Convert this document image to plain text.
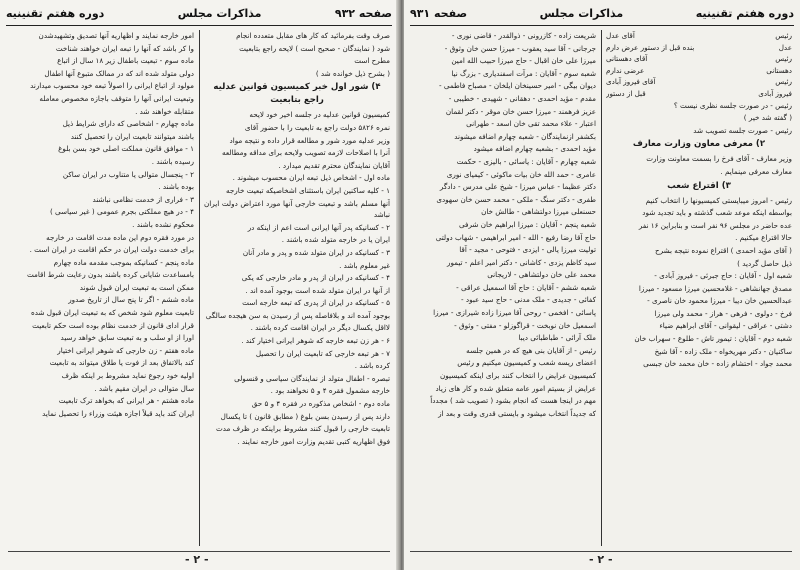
صفحه ۹۳۲
مذاکرات مجلس
دوره هفتم تقنینیه

صرف وقت بفرمائید که کار های مقابل متعدده انجام

شود ( نمایندگان - صحیح است ) لایحه راجع بتابعیت

مطرح است

( بشرح ذیل خوانده شد )

۴) شور اول خبر کمیسیون قوانین عدلیه راجع بتابعیت

کمیسیون قوانین عدلیه در جلسه اخیر خود لایحه

نمره ۵۸۲۶ دولت راجع به تابعیت را با حضور آقای

وزیر عدلیه مورد شور و مطالعه قرار داده و نتیجه مواد

آنرا با اصلاحات لازمه تصویب ولایحه برای مداقه ومطالعه

آقایان نمایندگان محترم تقدیم میدارد .

ماده اول - اشخاص ذیل تبعه ایران محسوب میشوند .

۱ - کلیه ساکنین ایران باستثنای اشخاصیکه تبعیت خارجه

آنها مسلم باشد و تبعیت خارجی آنها مورد اعتراض دولت ایران نباشد

۲ - کسانیکه پدر آنها ایرانی است اعم از اینکه در

ایران یا در خارجه متولد شده باشند .

۳ - کسانیکه در ایران متولد شده و پدر و مادر آنان

غیر معلوم باشد .

۴ - کسانیکه در ایران از پدر و مادر خارجی که یکی

از آنها در ایران متولد شده است بوجود آمده اند .

۵ - کسانیکه در ایران از پدری که تبعه خارجه است

بوجود آمده اند و بلافاصله پس از رسیدن به سن هیجده سالگی

لااقل یکسال دیگر در ایران اقامت کرده باشند .

۶ - هر زن تبعه خارجه که شوهر ایرانی اختیار کند .

۷ - هر تبعه خارجی که تابعیت ایران را تحصیل

کرده باشد .

تبصره - اطفال متولد از نمایندگان سیاسی و قنسولی

خارجه مشمول فقره ۴ و ۵ نخواهند بود .

ماده دوم - اشخاص مذکوره در فقره ۴ و ۵ حق

دارند پس از رسیدن بسن بلوغ ( مطابق قانون ) تا یکسال

تابعیت خارجی را قبول کنند مشروط براینکه در ظرف مدت

فوق اظهاریه کتبی تقدیم وزارت امور خارجه نمایند .

امور خارجه نمایند و اظهاریه آنها تصدیق وتشهیدشدن

وا کر باشد که آنها را تبعه ایران خواهند شناخت

ماده سوم - تبعیت باطفال زیر ۱۸ سال از اتباع

دولی متولد شده اند که در ممالک متبوع آنها اطفال

مولود از اتباع ایرانی را اصولاً تبعه خود محسوب میدارند

وتبعیت ایرانی آنها را متوقف باجازه مخصوص معامله

متقابله خواهند شد .

ماده چهارم - اشخاصی که دارای شرایط ذیل

باشند میتوانند تابعیت ایران را تحصیل کنند

۱ - موافق قانون مملکت اصلی خود بسن بلوغ

رسیده باشند .

۲ - پنجسال متوالی یا متناوب در ایران ساکن

بوده باشند .

۳ - فراری از خدمت نظامی نباشند

۴ - در هیچ مملکتی بجرم عمومی ( غیر سیاسی )

محکوم نشده باشند .

در مورد فقره دوم این ماده مدت اقامت در خارجه

برای خدمت دولت ایران در حکم اقامت در ایران است .

ماده پنجم - کسانیکه بموجب مقدمه ماده چهارم

بامساعدت شایانی کرده باشند بدون رعایت شرط اقامت

ممکن است به تبعیت ایران قبول شوند

ماده ششم - اگر تا پنج سال از تاریخ صدور

تابعیت معلوم شود شخص که به تبعیت ایران قبول شده

قرار ادای قانون از خدمت نظام بوده است حکم تابعیت

اورا از او سلب و به تبعیت سابق خواهد رسید

ماده هفتم - زن خارجی که شوهر ایرانی اختیار

کند بالاتفاق بعد از فوت یا طلاق میتواند به تابعیت

اولیه خود رجوع نماید مشروط بر اینکه ظرف

سال متوالی در ایران مقیم باشد .

ماده هشتم - هر ایرانی که بخواهد ترک تابعیت

ایران کند باید قبلاً اجازه هیئت وزراء را تحصیل نماید

- ۲ -
دوره هفتم تقنینیه
مذاکرات مجلس
صفحه ۹۳۱
رئیس
آقای عدل
عدل
بنده قبل از دستور عرض دارم
رئیس
آقای دهستانی
دهستانی
عرضی ندارم
رئیس
آقای فیروز آبادی
فیروز آبادی
قبل از دستور

رئیس - در صورت جلسه نظری نیست ؟

( گفته شد خیر )

رئیس - صورت جلسه تصویب شد

۲) معرفی معاون وزارت معارف

وزیر معارف - آقای فرخ را بسمت معاونت وزارت

معارف معرفی مینمایم .

۳) اقتراع شعب

رئیس - امروز میبایستی کمیسیونها را انتخاب کنیم

بواسطه اینکه موعد شعب گذشته و باید تجدید شود

عده حاضر در مجلس ۹۶ نفر است و بنابراین ۱۶ نفر

حالا اقتراع میکنیم .

( آقای مؤید احمدی ) اقتراع نموده نتیجه بشرح

ذیل حاصل گردید )

شعبه اول - آقایان : حاج جبرئی - فیروز آبادی -

مصدق جهانشاهی - غلامحسین میرزا مسعود - میرزا

عبدالحسین خان دیبا - میرزا محمود خان ناصری -

فرخ - دولوی - فرهی - هراز - محمد ولی میرزا

دشتی - عراقی - لیقوانی - آقای ابراهیم ضیاء

شعبه دوم - آقایان : تیمور تاش - طلوع - سهراب خان

ساکنیان - دکتر مهریخواه - ملک زاده - آقا شیخ

محمد جواد - احتشام زاده - خان محمد خان جبسی

شریعت زاده - کازرونی - ذوالقدر - قاضی نوری -

جرجانی - آقا سید یعقوب - میرزا حسن خان وثوق -

میرزا علی خان اقبال - حاج میرزا حبیب الله امین

شعبه سوم - آقایان : مرآت اسفندیاری - بزرگ نیا

دیوان بیگی - امیر حسینخان ایلخان - مصباح فاطمی -

مقدم - مؤید احمدی - دهقانی - شهیدی - خطیبی -

عزیز فرهمند - میرزا حسن خان موقر - دکتر لقمان

اعتبار - علاء محمد تقی خان اسعد - طهرانی

بکشفر ازنمایندگان - شعبه چهارم اضافه میشوند

مؤید احمدی - بشعبه چهارم اضافه میشود

شعبه چهارم - آقایان : یاسائی - بالیزی - حکمت

عامری - حمد الله خان بیات ماکوئی - کیمیای نوری

دکتر عظیما - عباس میرزا - شیخ علی مدرس - دادگر

طفری - دکتر سنگ - ملکی - محمد حسن خان سهودی

حسنعلی میرزا دولتشاهی - طالش خان

شعبه پنجم - آقایان : میرزا ابراهیم خان شرفی

حاج آقا رضا رفیع - الله - امیر ابراهیمی - شهاب دولتی

تولیت میرزا یالی - ایزدی - فتوحی - مجید - آقا

سید کاظم یزدی - کاشانی - دکتر امیر اعلم - تیمور

محمد علی خان دولتشاهی - لاریجانی

شعبه ششم - آقایان : حاج آقا اسمعیل عراقی -

کفائی - جدیدی - ملک مدنی - حاج سید عبود -

پاسائی - افخمی - روحی آقا میرزا زاده شیرازی - میرزا

اسمعیل خان نوبخت - قراگوزلو - مفتی - وثوق -

ملک آرائی - طباطبائی دیبا

رئیس - از آقایان بنی هیچ که در همین جلسه

اعضای ریسه شعب و کمیسیون میکنیم و رئیس

کمیسیون عرایض را انتخاب کنند برای اینکه کمیسیون

عرایض از بسیتم امور عامه متعلق شده و کار های زیاد

مهم در اینجا هست که انجام بشود ( تصویب شد ) مجدداً

که جدیداً انتخاب میشود و بایستی قدری وقت و بعد از

- ۲ -
